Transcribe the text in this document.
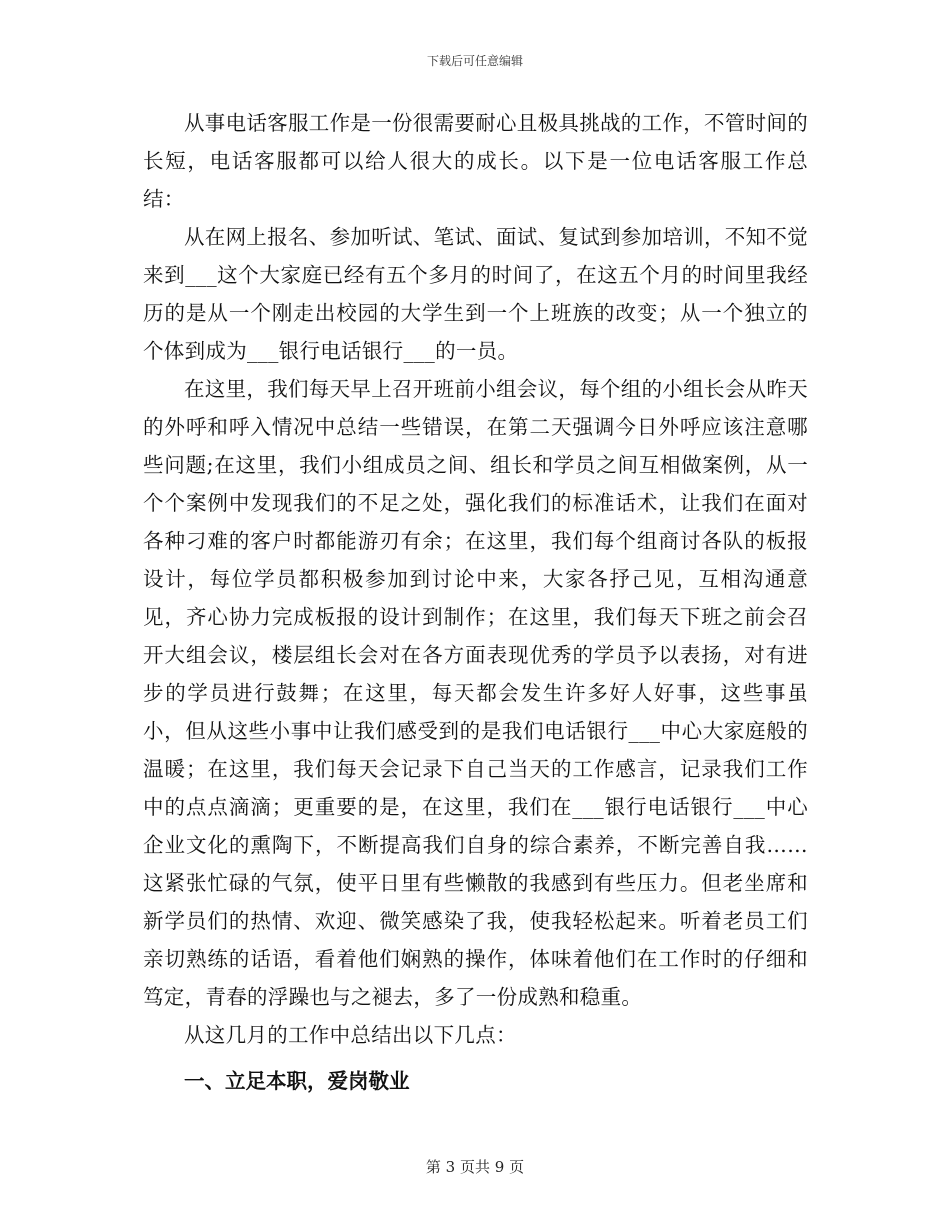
下载后可任意编辑

从事电话客服工作是一份很需要耐心且极具挑战的工作，不管时间的长短，电话客服都可以给人很大的成长。以下是一位电话客服工作总结：

从在网上报名、参加听试、笔试、面试、复试到参加培训，不知不觉来到___这个大家庭已经有五个多月的时间了，在这五个月的时间里我经历的是从一个刚走出校园的大学生到一个上班族的改变；从一个独立的个体到成为___银行电话银行___的一员。

在这里，我们每天早上召开班前小组会议，每个组的小组长会从昨天的外呼和呼入情况中总结一些错误，在第二天强调今日外呼应该注意哪些问题;在这里，我们小组成员之间、组长和学员之间互相做案例，从一个个案例中发现我们的不足之处，强化我们的标准话术，让我们在面对各种刁难的客户时都能游刃有余；在这里，我们每个组商讨各队的板报设计，每位学员都积极参加到讨论中来，大家各抒己见，互相沟通意见，齐心协力完成板报的设计到制作；在这里，我们每天下班之前会召开大组会议，楼层组长会对在各方面表现优秀的学员予以表扬，对有进步的学员进行鼓舞；在这里，每天都会发生许多好人好事，这些事虽小，但从这些小事中让我们感受到的是我们电话银行___中心大家庭般的温暖；在这里，我们每天会记录下自己当天的工作感言，记录我们工作中的点点滴滴；更重要的是，在这里，我们在___银行电话银行___中心企业文化的熏陶下，不断提高我们自身的综合素养，不断完善自我……这紧张忙碌的气氛，使平日里有些懒散的我感到有些压力。但老坐席和新学员们的热情、欢迎、微笑感染了我，使我轻松起来。听着老员工们亲切熟练的话语，看着他们娴熟的操作，体味着他们在工作时的仔细和笃定，青春的浮躁也与之褪去，多了一份成熟和稳重。

从这几月的工作中总结出以下几点：

一、立足本职，爱岗敬业

第 3 页共 9 页
